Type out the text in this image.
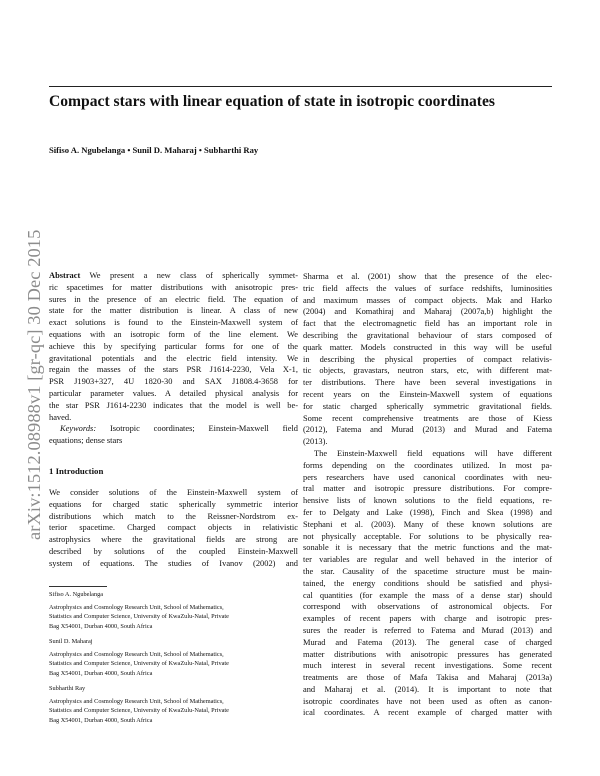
arXiv:1512.08988v1 [gr-qc] 30 Dec 2015
Compact stars with linear equation of state in isotropic coordinates
Sifiso A. Ngubelanga • Sunil D. Maharaj • Subharthi Ray
Abstract We present a new class of spherically symmet-
ric spacetimes for matter distributions with anisotropic pres-
sures in the presence of an electric field. The equation of
state for the matter distribution is linear. A class of new
exact solutions is found to the Einstein-Maxwell system of
equations with an isotropic form of the line element. We
achieve this by specifying particular forms for one of the
gravitational potentials and the electric field intensity. We
regain the masses of the stars PSR J1614-2230, Vela X-1,
PSR J1903+327, 4U 1820-30 and SAX J1808.4-3658 for
particular parameter values. A detailed physical analysis for
the star PSR J1614-2230 indicates that the model is well be-
haved.
Keywords: Isotropic coordinates; Einstein-Maxwell field
equations; dense stars
1 Introduction
We consider solutions of the Einstein-Maxwell system of
equations for charged static spherically symmetric interior
distributions which match to the Reissner-Nordstrom ex-
terior spacetime. Charged compact objects in relativistic
astrophysics where the gravitational fields are strong are
described by solutions of the coupled Einstein-Maxwell
system of equations. The studies of Ivanov (2002) and
Sifiso A. Ngubelanga
Astrophysics and Cosmology Research Unit, School of Mathematics,
Statistics and Computer Science, University of KwaZulu-Natal, Private
Bag X54001, Durban 4000, South Africa
Sunil D. Maharaj
Astrophysics and Cosmology Research Unit, School of Mathematics,
Statistics and Computer Science, University of KwaZulu-Natal, Private
Bag X54001, Durban 4000, South Africa
Subharthi Ray
Astrophysics and Cosmology Research Unit, School of Mathematics,
Statistics and Computer Science, University of KwaZulu-Natal, Private
Bag X54001, Durban 4000, South Africa
Sharma et al. (2001) show that the presence of the elec-
tric field affects the values of surface redshifts, luminosities
and maximum masses of compact objects. Mak and Harko
(2004) and Komathiraj and Maharaj (2007a,b) highlight the
fact that the electromagnetic field has an important role in
describing the gravitational behaviour of stars composed of
quark matter. Models constructed in this way will be useful
in describing the physical properties of compact relativis-
tic objects, gravastars, neutron stars, etc, with different mat-
ter distributions. There have been several investigations in
recent years on the Einstein-Maxwell system of equations
for static charged spherically symmetric gravitational fields.
Some recent comprehensive treatments are those of Kiess
(2012), Fatema and Murad (2013) and Murad and Fatema
(2013).
The Einstein-Maxwell field equations will have different
forms depending on the coordinates utilized. In most pa-
pers researchers have used canonical coordinates with neu-
tral matter and isotropic pressure distributions. For compre-
hensive lists of known solutions to the field equations, re-
fer to Delgaty and Lake (1998), Finch and Skea (1998) and
Stephani et al. (2003). Many of these known solutions are
not physically acceptable. For solutions to be physically rea-
sonable it is necessary that the metric functions and the mat-
ter variables are regular and well behaved in the interior of
the star. Causality of the spacetime structure must be main-
tained, the energy conditions should be satisfied and physi-
cal quantities (for example the mass of a dense star) should
correspond with observations of astronomical objects. For
examples of recent papers with charge and isotropic pres-
sures the reader is referred to Fatema and Murad (2013) and
Murad and Fatema (2013). The general case of charged
matter distributions with anisotropic pressures has generated
much interest in several recent investigations. Some recent
treatments are those of Mafa Takisa and Maharaj (2013a)
and Maharaj et al. (2014). It is important to note that
isotropic coordinates have not been used as often as canon-
ical coordinates. A recent example of charged matter with
